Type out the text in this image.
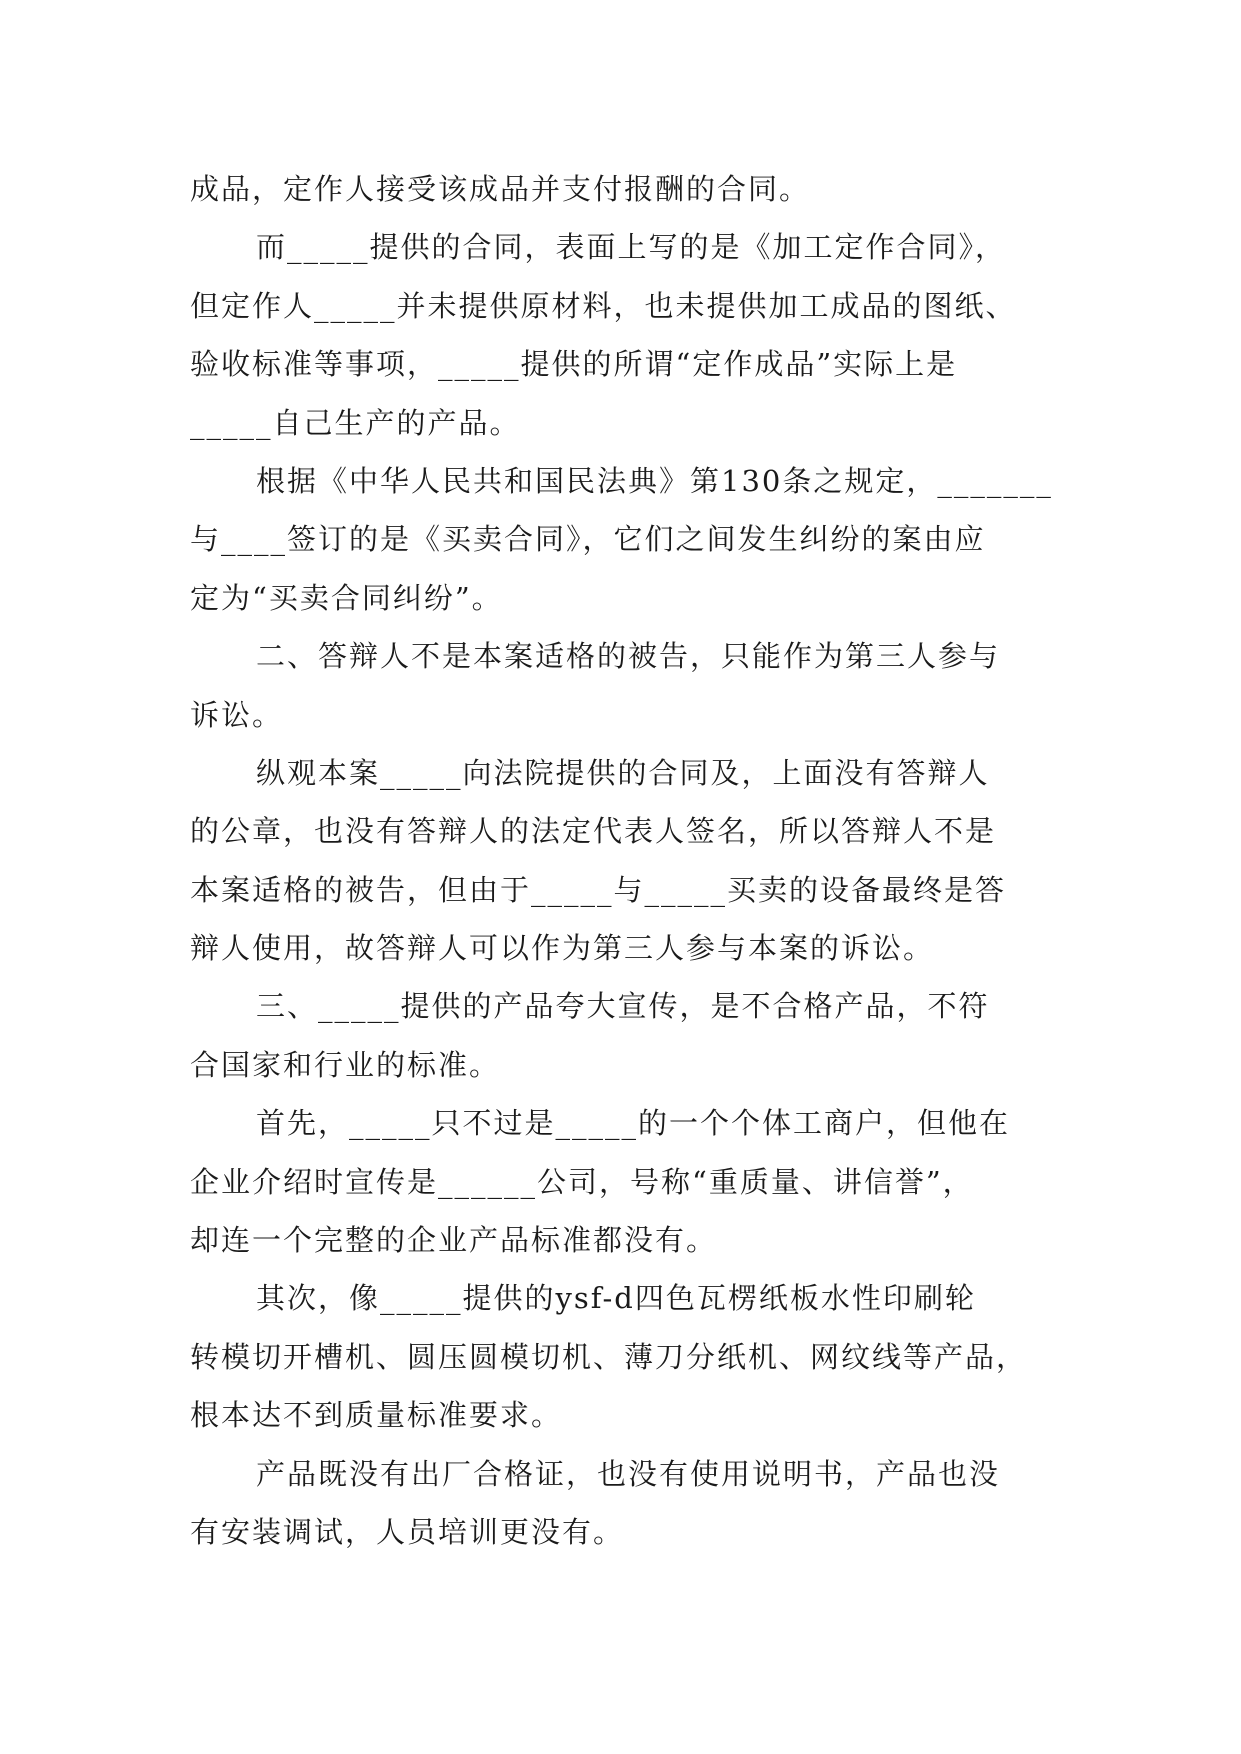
成品，定作人接受该成品并支付报酬的合同。
而_____提供的合同，表面上写的是《加工定作合同》，
但定作人_____并未提供原材料，也未提供加工成品的图纸、
验收标准等事项，_____提供的所谓“定作成品”实际上是
_____自己生产的产品。
根据《中华人民共和国民法典》第130条之规定，_______
与____签订的是《买卖合同》，它们之间发生纠纷的案由应
定为“买卖合同纠纷”。
二、答辩人不是本案适格的被告，只能作为第三人参与
诉讼。
纵观本案_____向法院提供的合同及，上面没有答辩人
的公章，也没有答辩人的法定代表人签名，所以答辩人不是
本案适格的被告，但由于_____与_____买卖的设备最终是答
辩人使用，故答辩人可以作为第三人参与本案的诉讼。
三、_____提供的产品夸大宣传，是不合格产品，不符
合国家和行业的标准。
首先，_____只不过是_____的一个个体工商户，但他在
企业介绍时宣传是______公司，号称“重质量、讲信誉”，
却连一个完整的企业产品标准都没有。
其次，像_____提供的ysf-d四色瓦楞纸板水性印刷轮
转模切开槽机、圆压圆模切机、薄刀分纸机、网纹线等产品，
根本达不到质量标准要求。
产品既没有出厂合格证，也没有使用说明书，产品也没
有安装调试，人员培训更没有。
